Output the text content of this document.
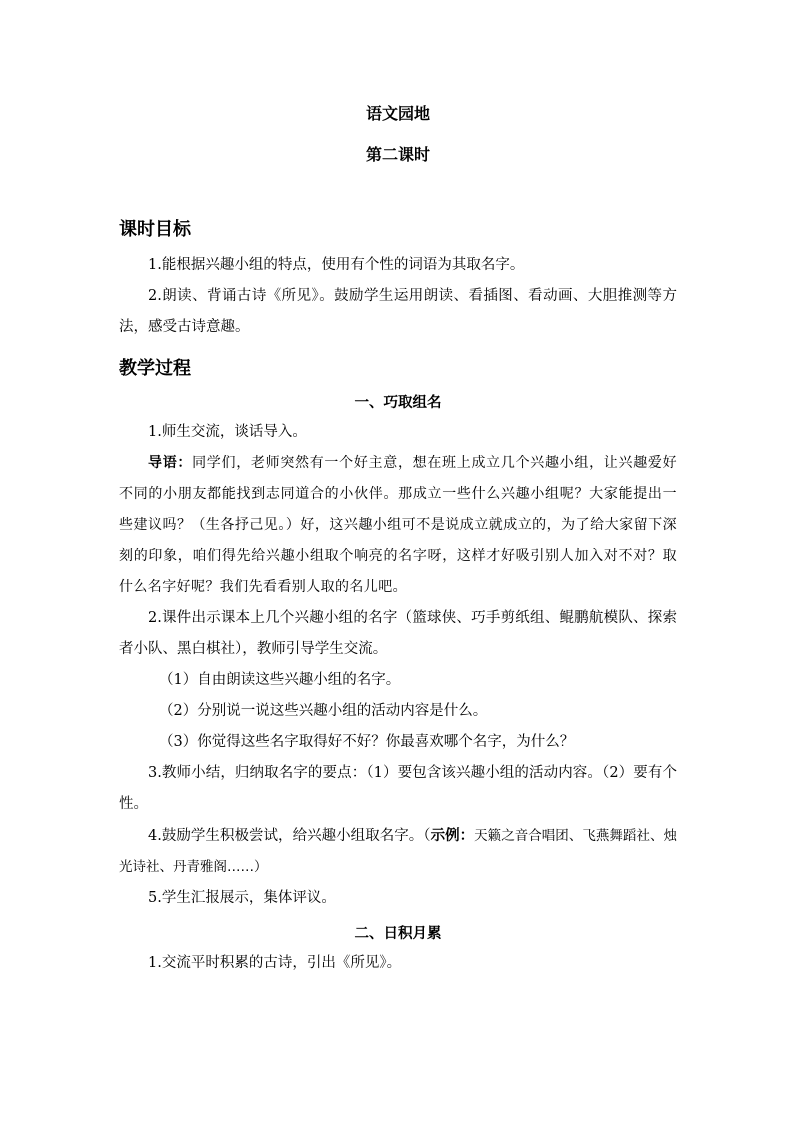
语文园地

第二课时

课时目标

1.能根据兴趣小组的特点，使用有个性的词语为其取名字。

2.朗读、背诵古诗《所见》。鼓励学生运用朗读、看插图、看动画、大胆推测等方法，感受古诗意趣。

教学过程

一、巧取组名

1.师生交流，谈话导入。

导语：同学们，老师突然有一个好主意，想在班上成立几个兴趣小组，让兴趣爱好不同的小朋友都能找到志同道合的小伙伴。那成立一些什么兴趣小组呢？大家能提出一些建议吗？（生各抒己见。）好，这兴趣小组可不是说成立就成立的，为了给大家留下深刻的印象，咱们得先给兴趣小组取个响亮的名字呀，这样才好吸引别人加入对不对？取什么名字好呢？我们先看看别人取的名儿吧。

2.课件出示课本上几个兴趣小组的名字（篮球侠、巧手剪纸组、鲲鹏航模队、探索者小队、黑白棋社），教师引导学生交流。

（1）自由朗读这些兴趣小组的名字。

（2）分别说一说这些兴趣小组的活动内容是什么。

（3）你觉得这些名字取得好不好？你最喜欢哪个名字，为什么？

3.教师小结，归纳取名字的要点：（1）要包含该兴趣小组的活动内容。（2）要有个性。

4.鼓励学生积极尝试，给兴趣小组取名字。（示例：天籁之音合唱团、飞燕舞蹈社、烛光诗社、丹青雅阁……）

5.学生汇报展示，集体评议。

二、日积月累

1.交流平时积累的古诗，引出《所见》。
